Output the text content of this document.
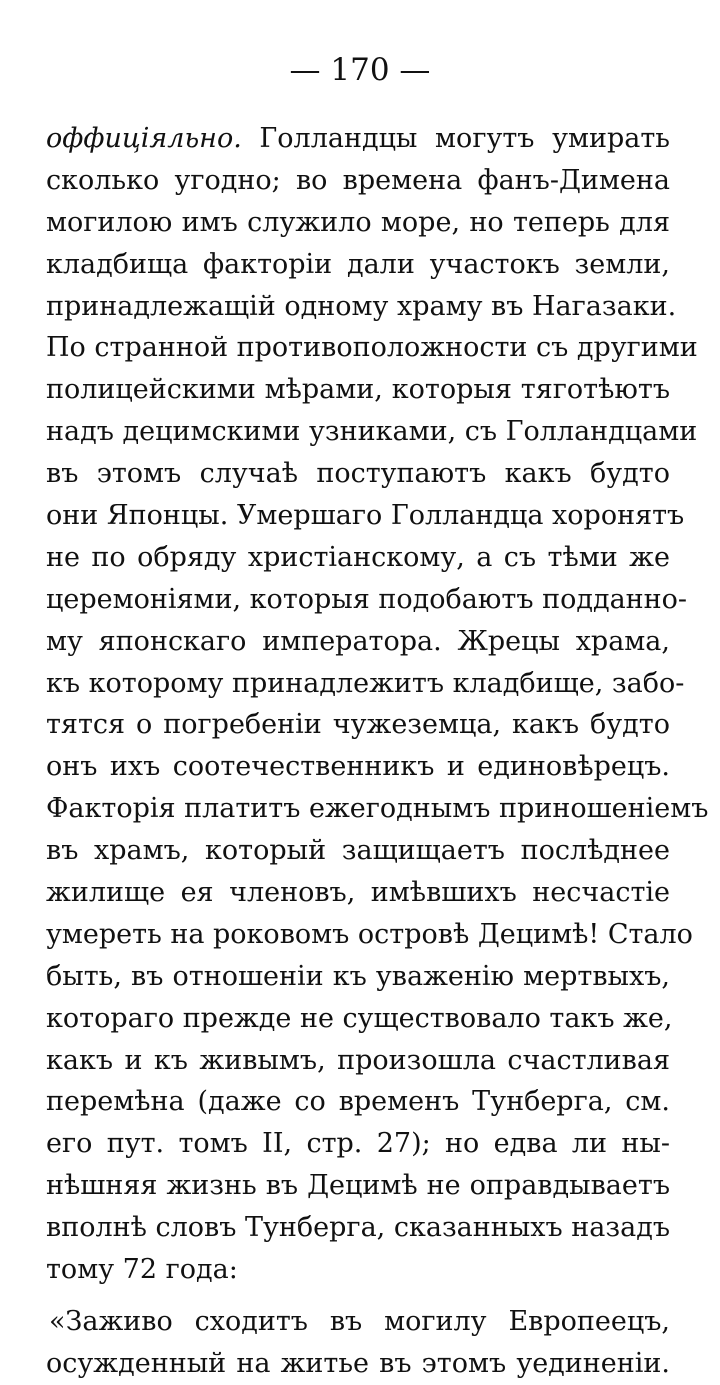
— 170 —
оффиціяльно. Голландцы могутъ умирать
сколько угодно; во времена фанъ-Димена
могилою имъ служило море, но теперь для
кладбища факторіи дали участокъ земли,
принадлежащій одному храму въ Нагазаки.
По странной противоположности съ другими
полицейскими мѣрами, которыя тяготѣютъ
надъ децимскими узниками, съ Голландцами
въ этомъ случаѣ поступаютъ какъ будто
они Японцы. Умершаго Голландца хоронятъ
не по обряду христіанскому, а съ тѣми же
церемоніями, которыя подобаютъ подданно-
му японскаго императора. Жрецы храма,
къ которому принадлежитъ кладбище, забо-
тятся о погребеніи чужеземца, какъ будто
онъ ихъ соотечественникъ и единовѣрецъ.
Факторія платитъ ежегоднымъ приношеніемъ
въ храмъ, который защищаетъ послѣднее
жилище ея членовъ, имѣвшихъ несчастіе
умереть на роковомъ островѣ Децимѣ! Стало
быть, въ отношеніи къ уваженію мертвыхъ,
котораго прежде не существовало такъ же,
какъ и къ живымъ, произошла счастливая
перемѣна (даже со временъ Тунберга, см.
его пут. томъ II, стр. 27); но едва ли ны-
нѣшняя жизнь въ Децимѣ не оправдываетъ
вполнѣ словъ Тунберга, сказанныхъ назадъ
тому 72 года:
«Заживо сходитъ въ могилу Европеецъ,
осужденный на житье въ этомъ уединеніи.
